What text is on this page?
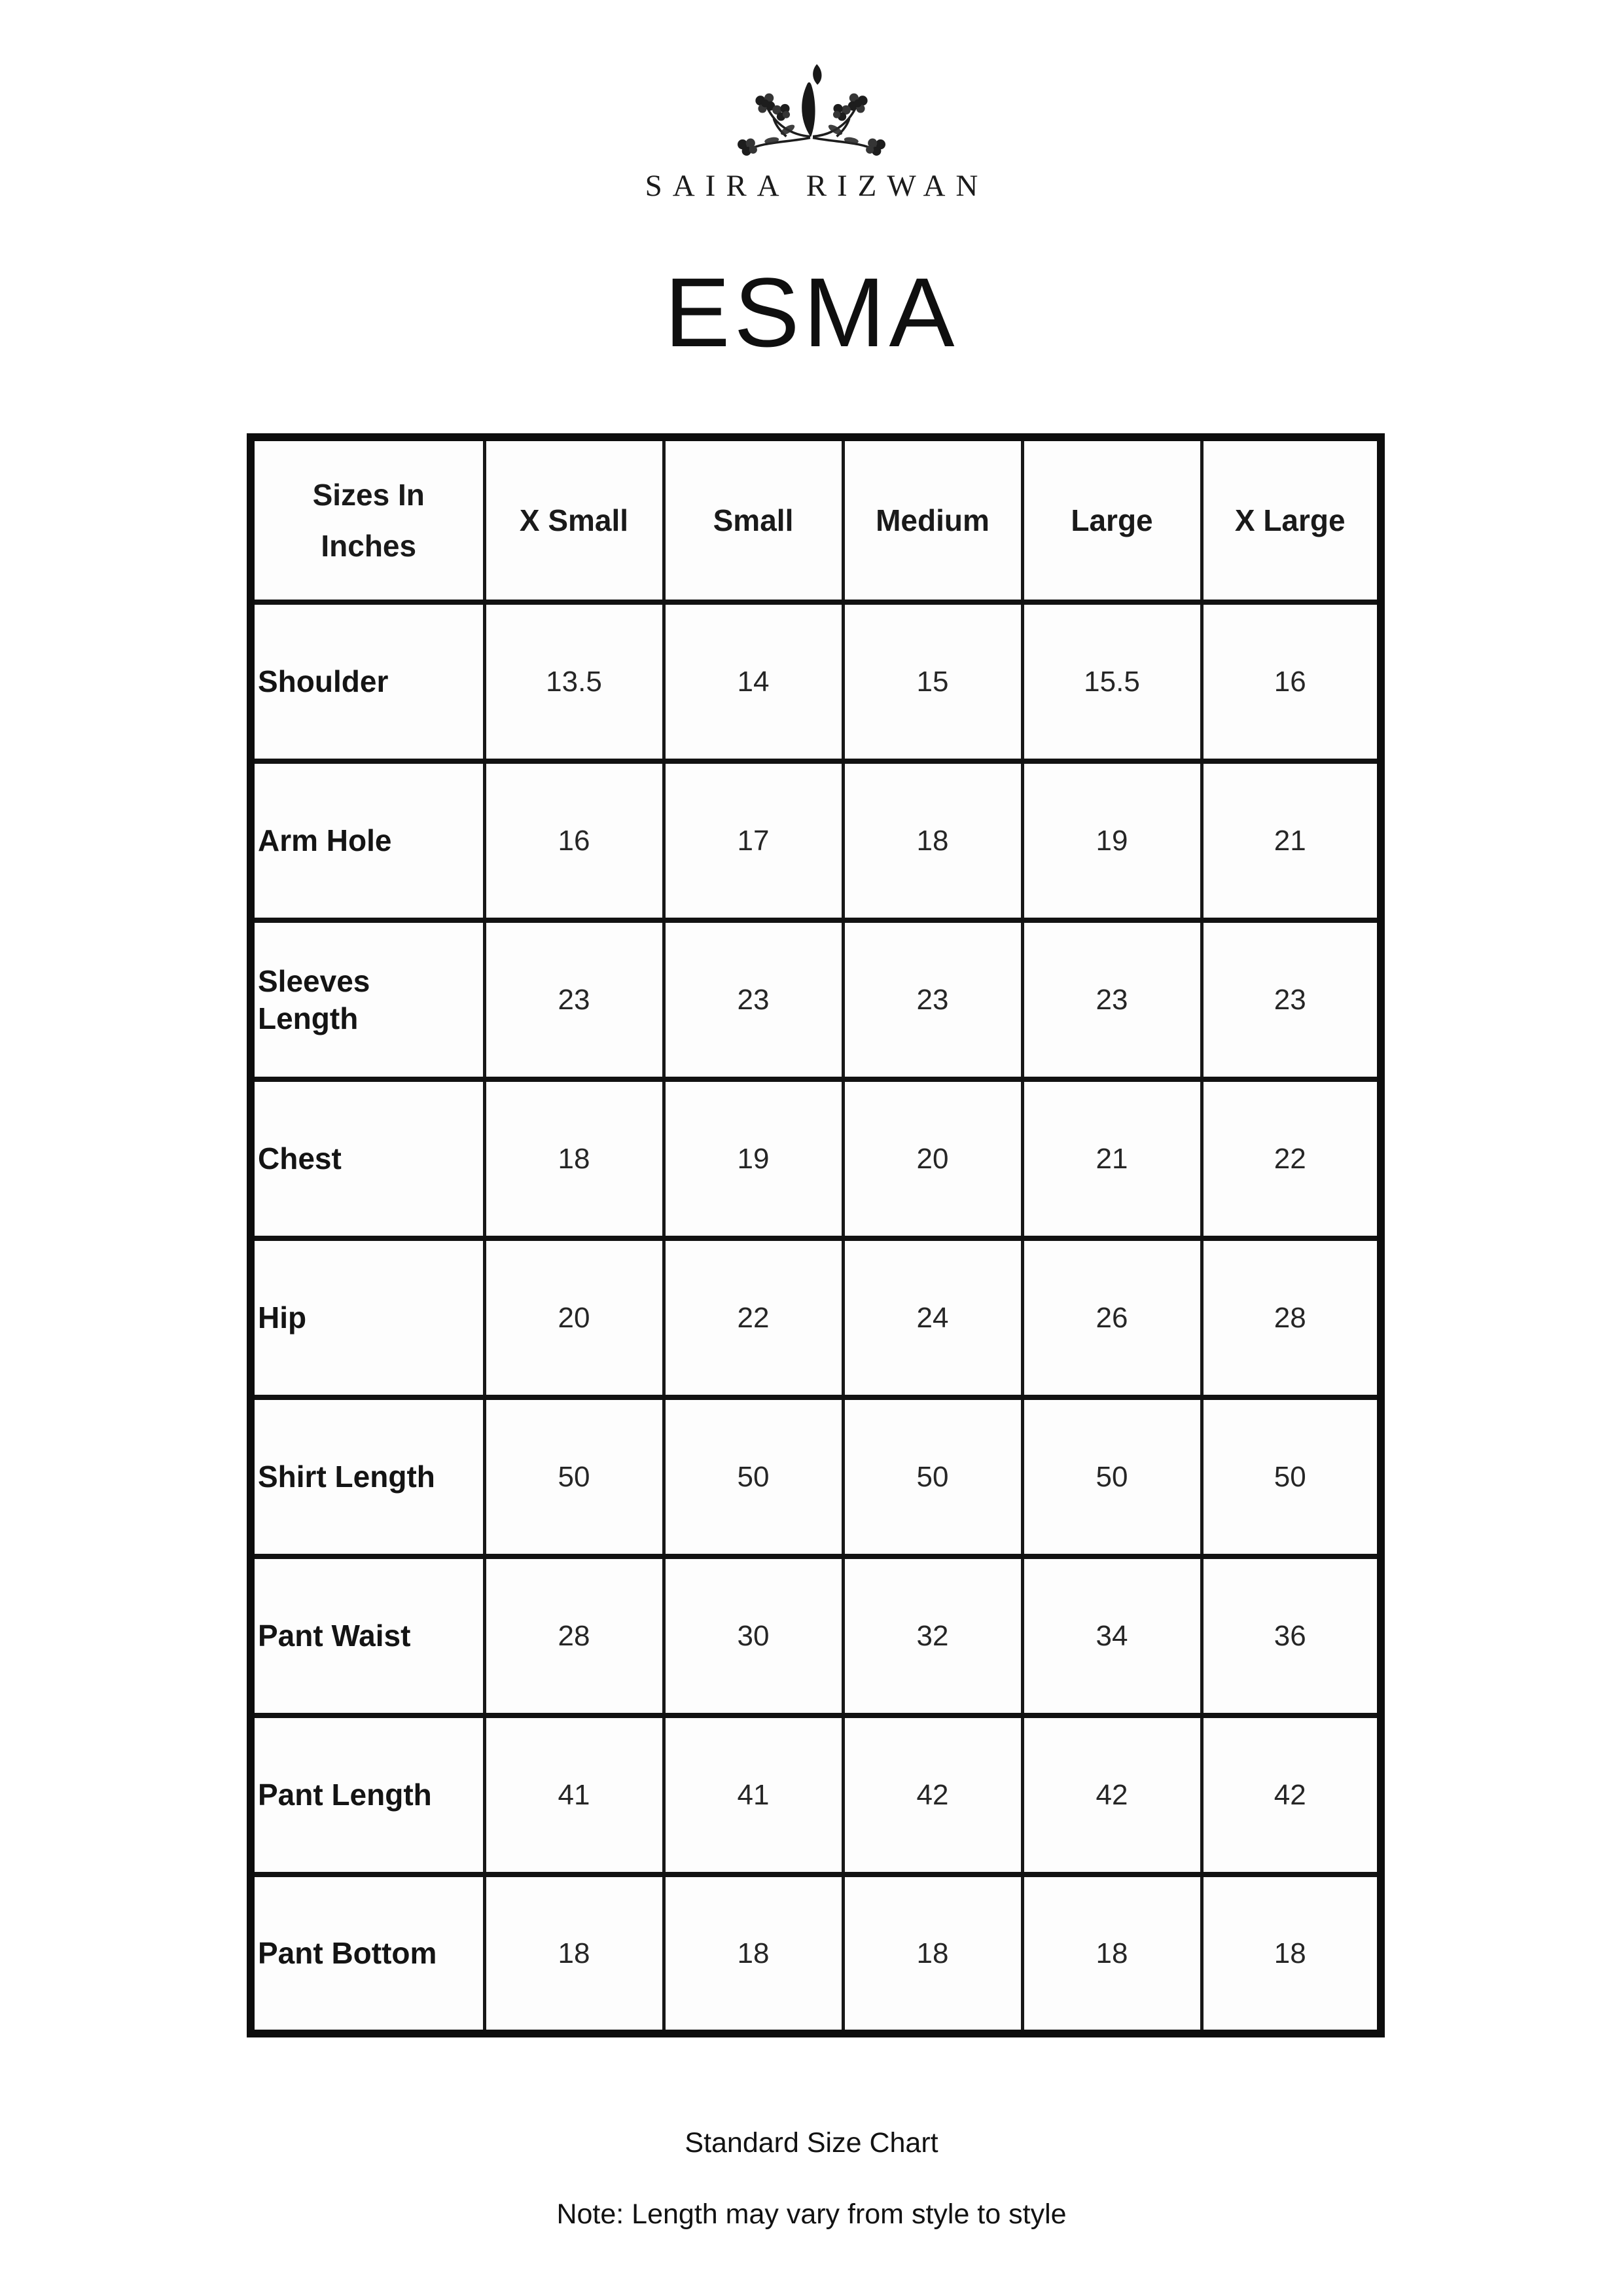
SAIRA RIZWAN
ESMA
Sizes In Inches	X Small	Small	Medium	Large	X Large
Shoulder	13.5	14	15	15.5	16
Arm Hole	16	17	18	19	21
Sleeves Length	23	23	23	23	23
Chest	18	19	20	21	22
Hip	20	22	24	26	28
Shirt Length	50	50	50	50	50
Pant Waist	28	30	32	34	36
Pant Length	41	41	42	42	42
Pant Bottom	18	18	18	18	18

Standard Size Chart

Note: Length may vary from style to style
